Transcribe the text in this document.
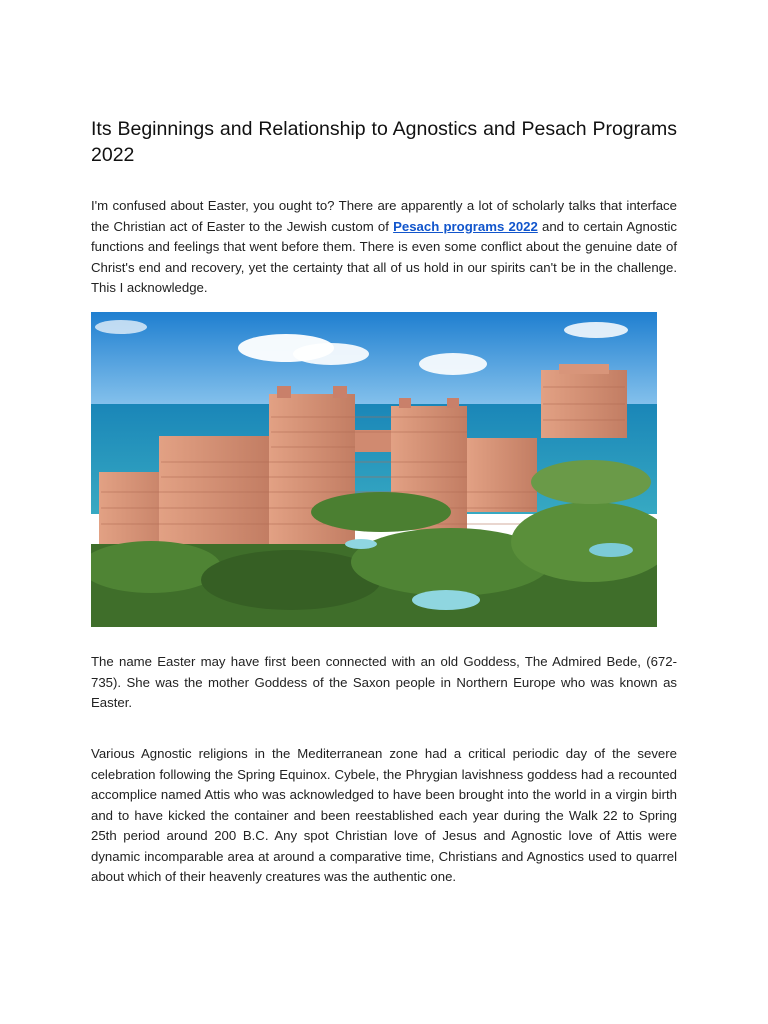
Its Beginnings and Relationship to Agnostics and Pesach Programs 2022

I'm confused about Easter, you ought to? There are apparently a lot of scholarly talks that interface the Christian act of Easter to the Jewish custom of Pesach programs 2022 and to certain Agnostic functions and feelings that went before them. There is even some conflict about the genuine date of Christ's end and recovery, yet the certainty that all of us hold in our spirits can't be in the challenge. This I acknowledge.

The name Easter may have first been connected with an old Goddess, The Admired Bede, (672-735). She was the mother Goddess of the Saxon people in Northern Europe who was known as Easter.

Various Agnostic religions in the Mediterranean zone had a critical periodic day of the severe celebration following the Spring Equinox. Cybele, the Phrygian lavishness goddess had a recounted accomplice named Attis who was acknowledged to have been brought into the world in a virgin birth and to have kicked the container and been reestablished each year during the Walk 22 to Spring 25th period around 200 B.C. Any spot Christian love of Jesus and Agnostic love of Attis were dynamic incomparable area at around a comparative time, Christians and Agnostics used to quarrel about which of their heavenly creatures was the authentic one.
